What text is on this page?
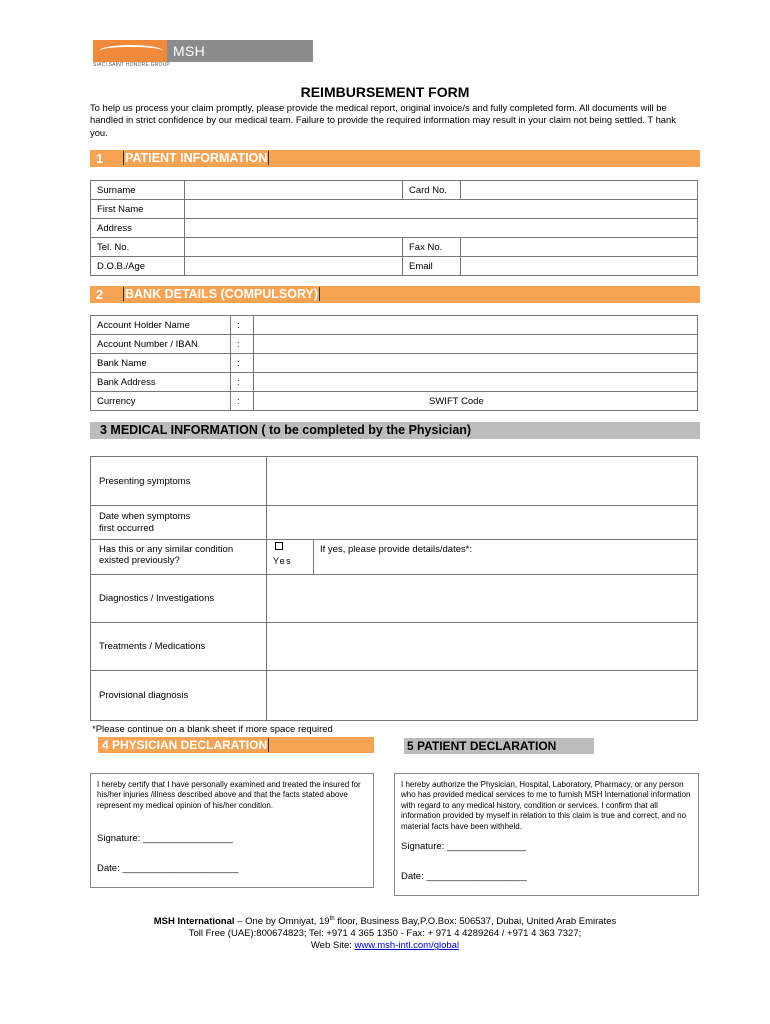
MSH INTERNATIONAL
SIACI SAINT HONORE GROUP
REIMBURSEMENT FORM
To help us process your claim promptly, please provide the medical report, original invoice/s and fully completed form. All documents will be handled in strict confidence by our medical team. Failure to provide the required information may result in your claim not being settled. T hank you.
1 PATIENT INFORMATION
Surname		Card No.	
First Name			
Address			
Tel. No.		Fax No.	
D.O.B./Age		Email	
2 BANK DETAILS (COMPULSORY)
Account Holder Name	:	
Account Number / IBAN	:	
Bank Name	:	
Bank Address	:	
Currency	:	SWIFT Code
3 MEDICAL INFORMATION ( to be completed by the Physician)
Presenting symptoms		

Date when symptoms
first occurred		

Has this or any similar condition
existed previously?	Yes	If yes, please provide details/dates*:
Diagnostics / Investigations		
Treatments / Medications		
Provisional diagnosis		
*Please continue on a blank sheet if more space required
4 PHYSICIAN DECLARATION	5 PATIENT DECLARATION
I hereby certify that I have personally examined and treated the insured for his/her injuries /illness described above and that the facts stated above represent my medical opinion of his/her condition.
Signature: _________________
Date: ______________________
I hereby authorize the Physician, Hospital, Laboratory, Pharmacy, or any person who has provided medical services to me to furnish MSH International information with regard to any medical history, condition or services. I confirm that all information provided by myself in relation to this claim is true and correct, and no material facts have been withheld.
Signature: _______________
Date: ___________________
MSH International – One by Omniyat, 19th floor, Business Bay,P.O.Box: 506537, Dubai, United Arab Emirates
Toll Free (UAE):800674823; Tel: +971 4 365 1350 - Fax: + 971 4 4289264 / +971 4 363 7327;
Web Site: www.msh-intl.com/global
